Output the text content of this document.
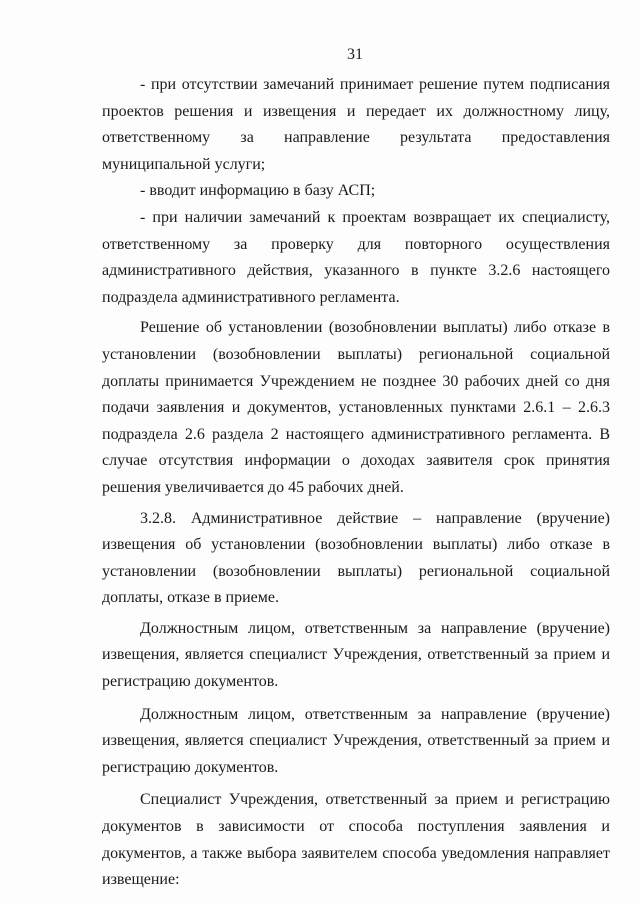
31

- при отсутствии замечаний принимает решение путем подписания проектов решения и извещения и передает их должностному лицу, ответственному за направление результата предоставления муниципальной услуги;

- вводит информацию в базу АСП;

- при наличии замечаний к проектам возвращает их специалисту, ответственному за проверку для повторного осуществления административного действия, указанного в пункте 3.2.6 настоящего подраздела административного регламента.

Решение об установлении (возобновлении выплаты) либо отказе в установлении (возобновлении выплаты) региональной социальной доплаты принимается Учреждением не позднее 30 рабочих дней со дня подачи заявления и документов, установленных пунктами 2.6.1 – 2.6.3 подраздела 2.6 раздела 2 настоящего административного регламента. В случае отсутствия информации о доходах заявителя срок принятия решения увеличивается до 45 рабочих дней.

3.2.8. Административное действие – направление (вручение) извещения об установлении (возобновлении выплаты) либо отказе в установлении (возобновлении выплаты) региональной социальной доплаты, отказе в приеме.

Должностным лицом, ответственным за направление (вручение) извещения, является специалист Учреждения, ответственный за прием и регистрацию документов.

Должностным лицом, ответственным за направление (вручение) извещения, является специалист Учреждения, ответственный за прием и регистрацию документов.

Специалист Учреждения, ответственный за прием и регистрацию документов в зависимости от способа поступления заявления и документов, а также выбора заявителем способа уведомления направляет извещение:
